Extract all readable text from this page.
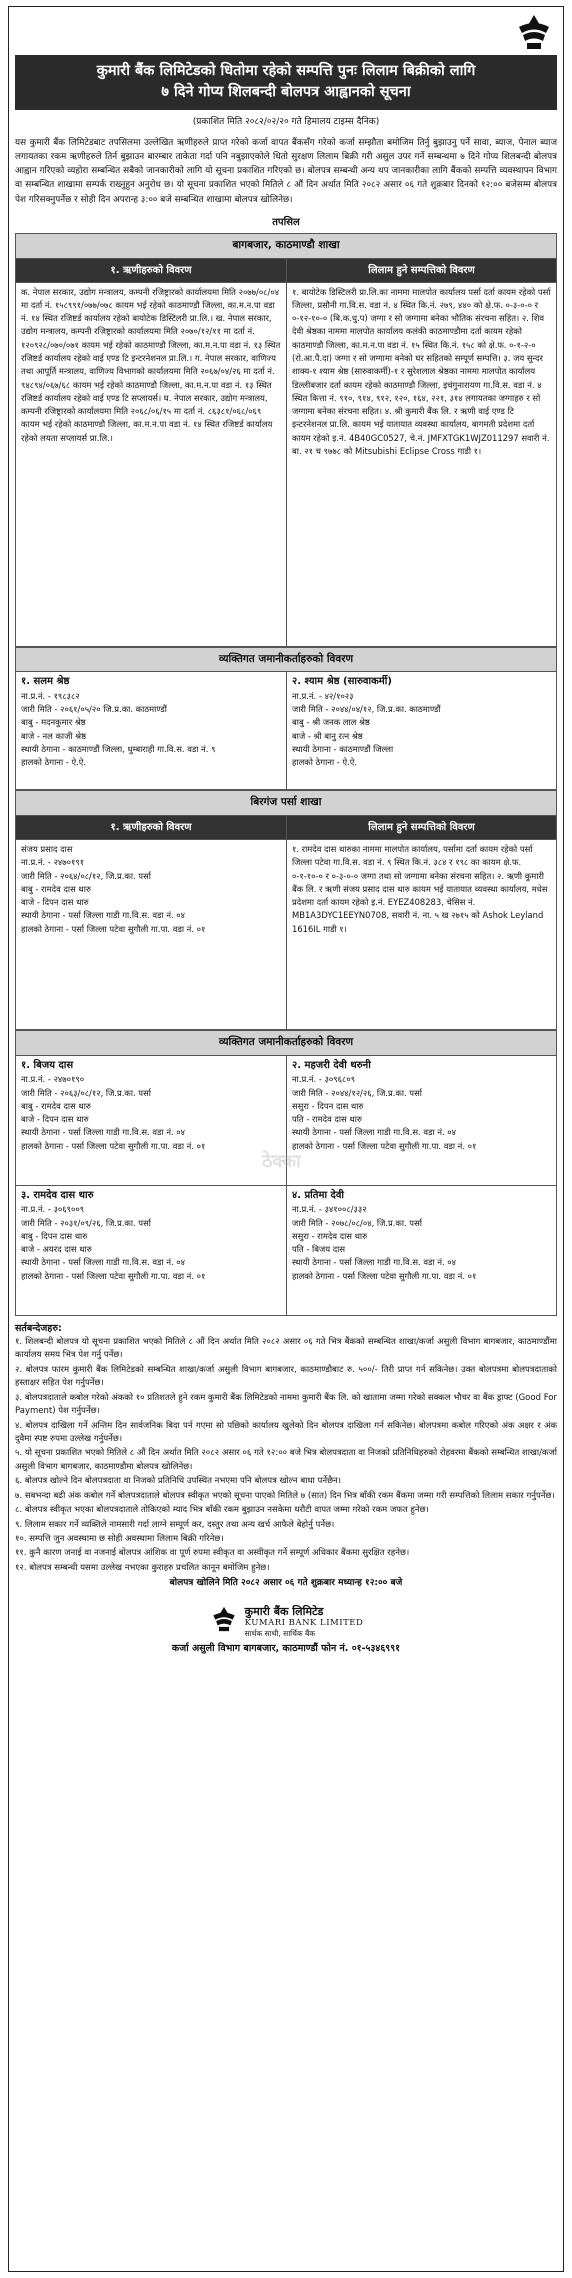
कुमारी बैंक लिमिटेडको धितोमा रहेको सम्पत्ति पुनः लिलाम बिक्रीको लागि
७ दिने गोप्य शिलबन्दी बोलपत्र आह्वानको सूचना
(प्रकाशित मिति २०८२/०२/२० गते हिमालय टाइम्स दैनिक)
यस कुमारी बैंक लिमिटेडबाट तपसिलमा उल्लेखित ऋणीहरुले प्राप्त गरेको कर्जा वापत बैंकसँग गरेको कर्जा सम्झौता बमोजिम तिर्नु बुझाउनु पर्ने सावा, ब्याज, पेनाल ब्याज लगायतका रकम ऋणीहरुले तिर्न बुझाउन बारम्बार ताकेता गर्दा पनि नबुझाएकोले धितो सुरक्षण लिलाम बिक्री गरी असुल उपर गर्ने सम्बन्धमा ७ दिने गोप्य शिलबन्दी बोलपत्र आह्वान गरिएको व्यहोरा सम्बन्धित सबैको जानकारीको लागि यो सूचना प्रकाशित गरिएको छ। बोलपत्र सम्बन्धी अन्य थप जानकारीका लागि बैंकको सम्पत्ति व्यवस्थापन विभाग वा सम्बन्धित शाखामा सम्पर्क राख्नुहुन अनुरोध छ। यो सूचना प्रकाशित भएको मितिले ८ औं दिन अर्थात मिति २०८२ असार ०६ गते शुक्रबार दिनको १२:०० बजेसम्म बोलपत्र पेश गरिसक्नुपर्नेछ र सोही दिन अपरान्ह ३:०० बजे सम्बन्धित शाखामा बोलपत्र खोलिनेछ।
तपसिल
बागबजार, काठमाण्डौ शाखा
१. ऋणीहरुको विवरण
क. नेपाल सरकार, उद्योग मन्त्रालय, कम्पनी रजिष्ट्रारको कार्यालयमा मिति २०७७/०८/०४ मा दर्ता नं. १५८९९१/०७७/०७८ कायम भई रहेको काठमाण्डौ जिल्ला, का.म.न.पा वडा नं. १४ स्थित रजिष्टर्ड कार्यालय रहेको बायोटेक डिस्टिलरी प्रा.लि.। ख. नेपाल सरकार, उद्योग मन्त्रालय, कम्पनी रजिष्ट्रारको कार्यालयमा मिति २०७०/१२/११ मा दर्ता नं. १२०९२८/०७०/०७१ कायम भई रहेको काठमाण्डौ जिल्ला, का.म.न.पा वडा नं. १३ स्थित रजिष्टर्ड कार्यालय रहेको वाई एण्ड टि इन्टरनेशनल प्रा.लि.। ग. नेपाल सरकार, वाणिज्य तथा आपूर्ति मन्त्रालय, वाणिज्य विभागको कार्यालयमा मिति २०६७/०४/२६ मा दर्ता नं. ९४८९४/०६७/६८ कायम भई रहेको काठमाण्डौ जिल्ला, का.म.न.पा वडा नं. १३ स्थित रजिष्टर्ड कार्यालय रहेको वाई एण्ड टि सप्लायर्स। घ. नेपाल सरकार, उद्योग मन्त्रालय, कम्पनी रजिष्ट्रारको कार्यालयमा मिति २०६८/०६/१५ मा दर्ता नं. ८६३८१/०६८/०६९ कायम भई रहेको काठमाण्डौ जिल्ला, का.म.न.पा वडा नं. १४ स्थित रजिष्टर्ड कार्यालय रहेको लयता सप्लायर्स प्रा.लि.।
लिलाम हुने सम्पत्तिको विवरण
१. बायोटेक डिस्टिलरी प्रा.लि.का नाममा मालपोत कार्यालय पर्सा दर्ता कायम रहेको पर्सा जिल्ला, प्रसौनी गा.वि.स. वडा नं. ४ स्थित कि.नं. २७९, ४४० को क्षे.फ. ०-३-०-० र ०-१२-१०-० (बि.क.धु.प) जग्गा र सो जग्गामा बनेका भौतिक संरचना सहित। २. शिव देवी श्रेष्ठका नाममा मालपोत कार्यालय कलंकी काठमाण्डौमा दर्ता कायम रहेको काठमाण्डौ जिल्ला, का.म.न.पा वडा नं. १५ स्थित कि.नं. १५८ को क्षे.फ. ०-१-२-० (रो.आ.पै.दा) जग्गा र सो जग्गामा बनेको घर सहितको सम्पूर्ण सम्पत्ति। ३. जय सुन्दर शाक्य-१ श्याम श्रेष्ठ (सारुवाकर्मी)-१ र सुरेशलाल श्रेष्ठका नाममा मालपोत कार्यालय डिल्लीबजार दर्ता कायम रहेको काठमाण्डौ जिल्ला, इचंगुनारायण गा.वि.स. वडा नं. ४ स्थित कित्ता नं. ९१०, ९१४, ९१२, १२०, १६४, २२१, ३१४ लगायतका जग्गाहरु र सो जग्गामा बनेका संरचना सहित। ४. श्री कुमारी बैंक लि. र ऋणी वाई एण्ड टि इन्टरनेशनल प्रा.लि. कायम भई यातायात व्यवस्था कार्यालय, बागमती प्रदेशमा दर्ता कायम रहेको इ.नं. 4B40GC0527, चे.नं. JMFXTGK1WJZ011297 सवारी नं. बा. २१ च ९७७८ को Mitsubishi Eclipse Cross गाडी १।
व्यक्तिगत जमानीकर्ताहरुको विवरण
१. सलम श्रेष्ठ
ना.प्र.नं. - १९८३८२
जारी मिति - २०६१/०५/२० जि.प्र.का. काठमाण्डौं
बाबु - मदनकुमार श्रेष्ठ
बाजे - नल काजी श्रेष्ठ
स्थायी ठेगाना - काठमाण्डौं जिल्ला, धुम्बाराही गा.वि.स. वडा नं. ९
हालको ठेगाना - ऐ.ऐ.
२. श्याम श्रेष्ठ (सारुवाकर्मी)
ना.प्र.नं. - ४२/१०२३
जारी मिति - २०४४/०४/१२, जि.प्र.का. काठमाण्डौं
बाबु - श्री जनक लाल श्रेष्ठ
बाजे - श्री बानु रत्न श्रेष्ठ
स्थायी ठेगाना - काठमाण्डौं जिल्ला
हालको ठेगाना - ऐ.ऐ.
बिरगंज पर्सा शाखा
१. ऋणीहरुको विवरण
संजय प्रसाद दास
ना.प्र.नं. - २४७०१९१
जारी मिति - २०६४/०८/१२, जि.प्र.का. पर्सा
बाबु - रामदेव दास थारु
बाजे - दिपन दास थारु
स्थायी ठेगाना - पर्सा जिल्ला गाडी गा.वि.स. वडा नं. ०४
हालको ठेगाना - पर्सा जिल्ला पटेवा सुगौली गा.पा. वडा नं. ०१
लिलाम हुने सम्पत्तिको विवरण
१. रामदेव दास थारुका नाममा मालपोत कार्यालय, पर्सामा दर्ता कायम रहेको पर्सा जिल्ला पटेवा गा.वि.स. वडा नं. ९ स्थित कि.नं. ३८४ र १९८ का कायम क्षे.फ. ०-१-१०-० र ०-३-०-० जग्गा तथा सो जग्गामा बनेका संरचना सहित। २. ऋणी कुमारी बैंक लि. र ऋणी संजय प्रसाद दास थारु कायम भई यातायात व्यवस्था कार्यालय, मधेस प्रदेशमा दर्ता कायम रहेको इ.नं. EYEZ408283, चेसिस नं. MB1A3DYC1EEYN0708, सवारी नं. ना. ५ ख २७१५ को Ashok Leyland 1616IL गाडी १।
व्यक्तिगत जमानीकर्ताहरुको विवरण
१. बिजय दास
ना.प्र.नं. - २४७०१९०
जारी मिति - २०६३/०८/१२, जि.प्र.का. पर्सा
बाबु - रामदेव दास थारु
बाजे - दिपन दास थारु
स्थायी ठेगाना - पर्सा जिल्ला गाडी गा.वि.स. वडा नं. ०४
हालको ठेगाना - पर्सा जिल्ला पटेवा सुगौली गा.पा. वडा नं. ०१
३. रामदेव दास थारु
ना.प्र.नं. - ३०६९००९
जारी मिति - २०३१/०९/२६, जि.प्र.का. पर्सा
बाबु - दिपन दास थारु
बाजे - अयरद दास थारु
स्थायी ठेगाना - पर्सा जिल्ला गाडी गा.वि.स. वडा नं. ०४
हालको ठेगाना - पर्सा जिल्ला पटेवा सुगौली गा.पा. वडा नं. ०१
२. महजरी देवी थरुनी
ना.प्र.नं. - ३०९६८०९
जारी मिति - २०४४/१२/२६, जि.प्र.का. पर्सा
ससुरा - दिपन दास थारु
पति - रामदेव दास थारु
स्थायी ठेगाना - पर्सा जिल्ला गाडी गा.वि.स. वडा नं. ०४
हालको ठेगाना - पर्सा जिल्ला पटेवा सुगौली गा.पा. वडा नं. ०१
४. प्रतिमा देवी
ना.प्र.नं. - ३४१००८/३३२
जारी मिति - २०७८/०८/०४, जि.प्र.का. पर्सा
ससुरा - रामदेव दास थारु
पति - बिजय दास
स्थायी ठेगाना - पर्सा जिल्ला गाडी गा.वि.स. वडा नं. ०४
हालको ठेगाना - पर्सा जिल्ला पटेवा सुगौली गा.पा. वडा नं. ०१
सर्तबन्देजहरु:

१. शिलबन्दी बोलपत्र यो सूचना प्रकाशित भएको मितिले ८ औं दिन अर्थात मिति २०८२ असार ०६ गते भित्र बैंकको सम्बन्धित शाखा/कर्जा असुली विभाग बागबजार, काठमाण्डौंमा कार्यालय समय भित्र पेश गर्नु पर्नेछ।

२. बोलपत्र फारम कुमारी बैंक लिमिटेडको सम्बन्धित शाखा/कर्जा असुली विभाग बागबजार, काठमाण्डौबाट रु. ५००/- तिरी प्राप्त गर्न सकिनेछ। उक्त बोलपत्रमा बोलपत्रदाताको हस्ताक्षर सहित पेश गर्नुपर्नेछ।

३. बोलपत्रदाताले कबोल गरेको अंकको १० प्रतिशतले हुने रकम कुमारी बैंक लिमिटेडको नाममा कुमारी बैंक लि. को खातामा जम्मा गरेको सक्कल भौचर वा बैंक ड्राफ्ट (Good For Payment) पेश गर्नुपर्नेछ।

४. बोलपत्र दाखिला गर्ने अन्तिम दिन सार्वजनिक बिदा पर्न गएमा सो पछिको कार्यालय खुलेको दिन बोलपत्र दाखिला गर्न सकिनेछ। बोलपत्रमा कबोल गरिएको अंक अक्षर र अंक दुवैमा स्पष्ट रुपमा उल्लेख गर्नुपर्नेछ।

५. यो सूचना प्रकाशित भएको मितिले ८ औं दिन अर्थात मिति २०८२ असार ०६ गते १२:०० बजे भित्र बोलपत्रदाता वा निजको प्रतिनिधिहरुको रोहवरमा बैंकको सम्बन्धित शाखा/कर्जा असुली विभाग बागबजार, काठमाण्डौमा बोलपत्र खोलिनेछ।

६. बोलपत्र खोल्ने दिन बोलपत्रदाता वा निजको प्रतिनिधि उपस्थित नभएमा पनि बोलपत्र खोल्न बाधा पर्नेछैन।

७. सबभन्दा बढी अंक कबोल गर्ने बोलपत्रदाताले बोलपत्र स्वीकृत भएको सूचना पाएको मितिले ७ (सात) दिन भित्र बाँकी रकम बैंकमा जम्मा गरी सम्पत्तिको लिलाम सकार गर्नुपर्नेछ।

८. बोलपत्र स्वीकृत भएका बोलपत्रदाताले तोकिएको म्याद भित्र बाँकी रकम बुझाउन नसकेमा धरौटी वापत जम्मा गरेको रकम जफत हुनेछ।

९. लिलाम सकार गर्ने व्यक्तिले नामसारी गर्दा लाग्ने सम्पूर्ण कर, दस्तुर तथा अन्य खर्च आफैले बेहोर्नु पर्नेछ।

१०. सम्पत्ति जुन अवस्थामा छ सोही अवस्थामा लिलाम बिक्री गरिनेछ।

११. कुनै कारण जनाई वा नजनाई बोलपत्र आंशिक वा पूर्ण रुपमा स्वीकृत वा अस्वीकृत गर्ने सम्पूर्ण अधिकार बैंकमा सुरक्षित रहनेछ।

१२. बोलपत्र सम्बन्धी यसमा उल्लेख नभएका कुराहरु प्रचलित कानून बमोजिम हुनेछ।

बोलपत्र खोलिने मिति २०८२ असार ०६ गते शुक्रबार मध्यान्ह १२:०० बजे
कुमारी बैंक लिमिटेड
KUMARI BANK LIMITED
सार्थक साथी, सार्थिक बैंक
कर्जा असुली विभाग बागबजार, काठमाण्डौं फोन नं. ०१-५३४६९९१
ठेक्का
